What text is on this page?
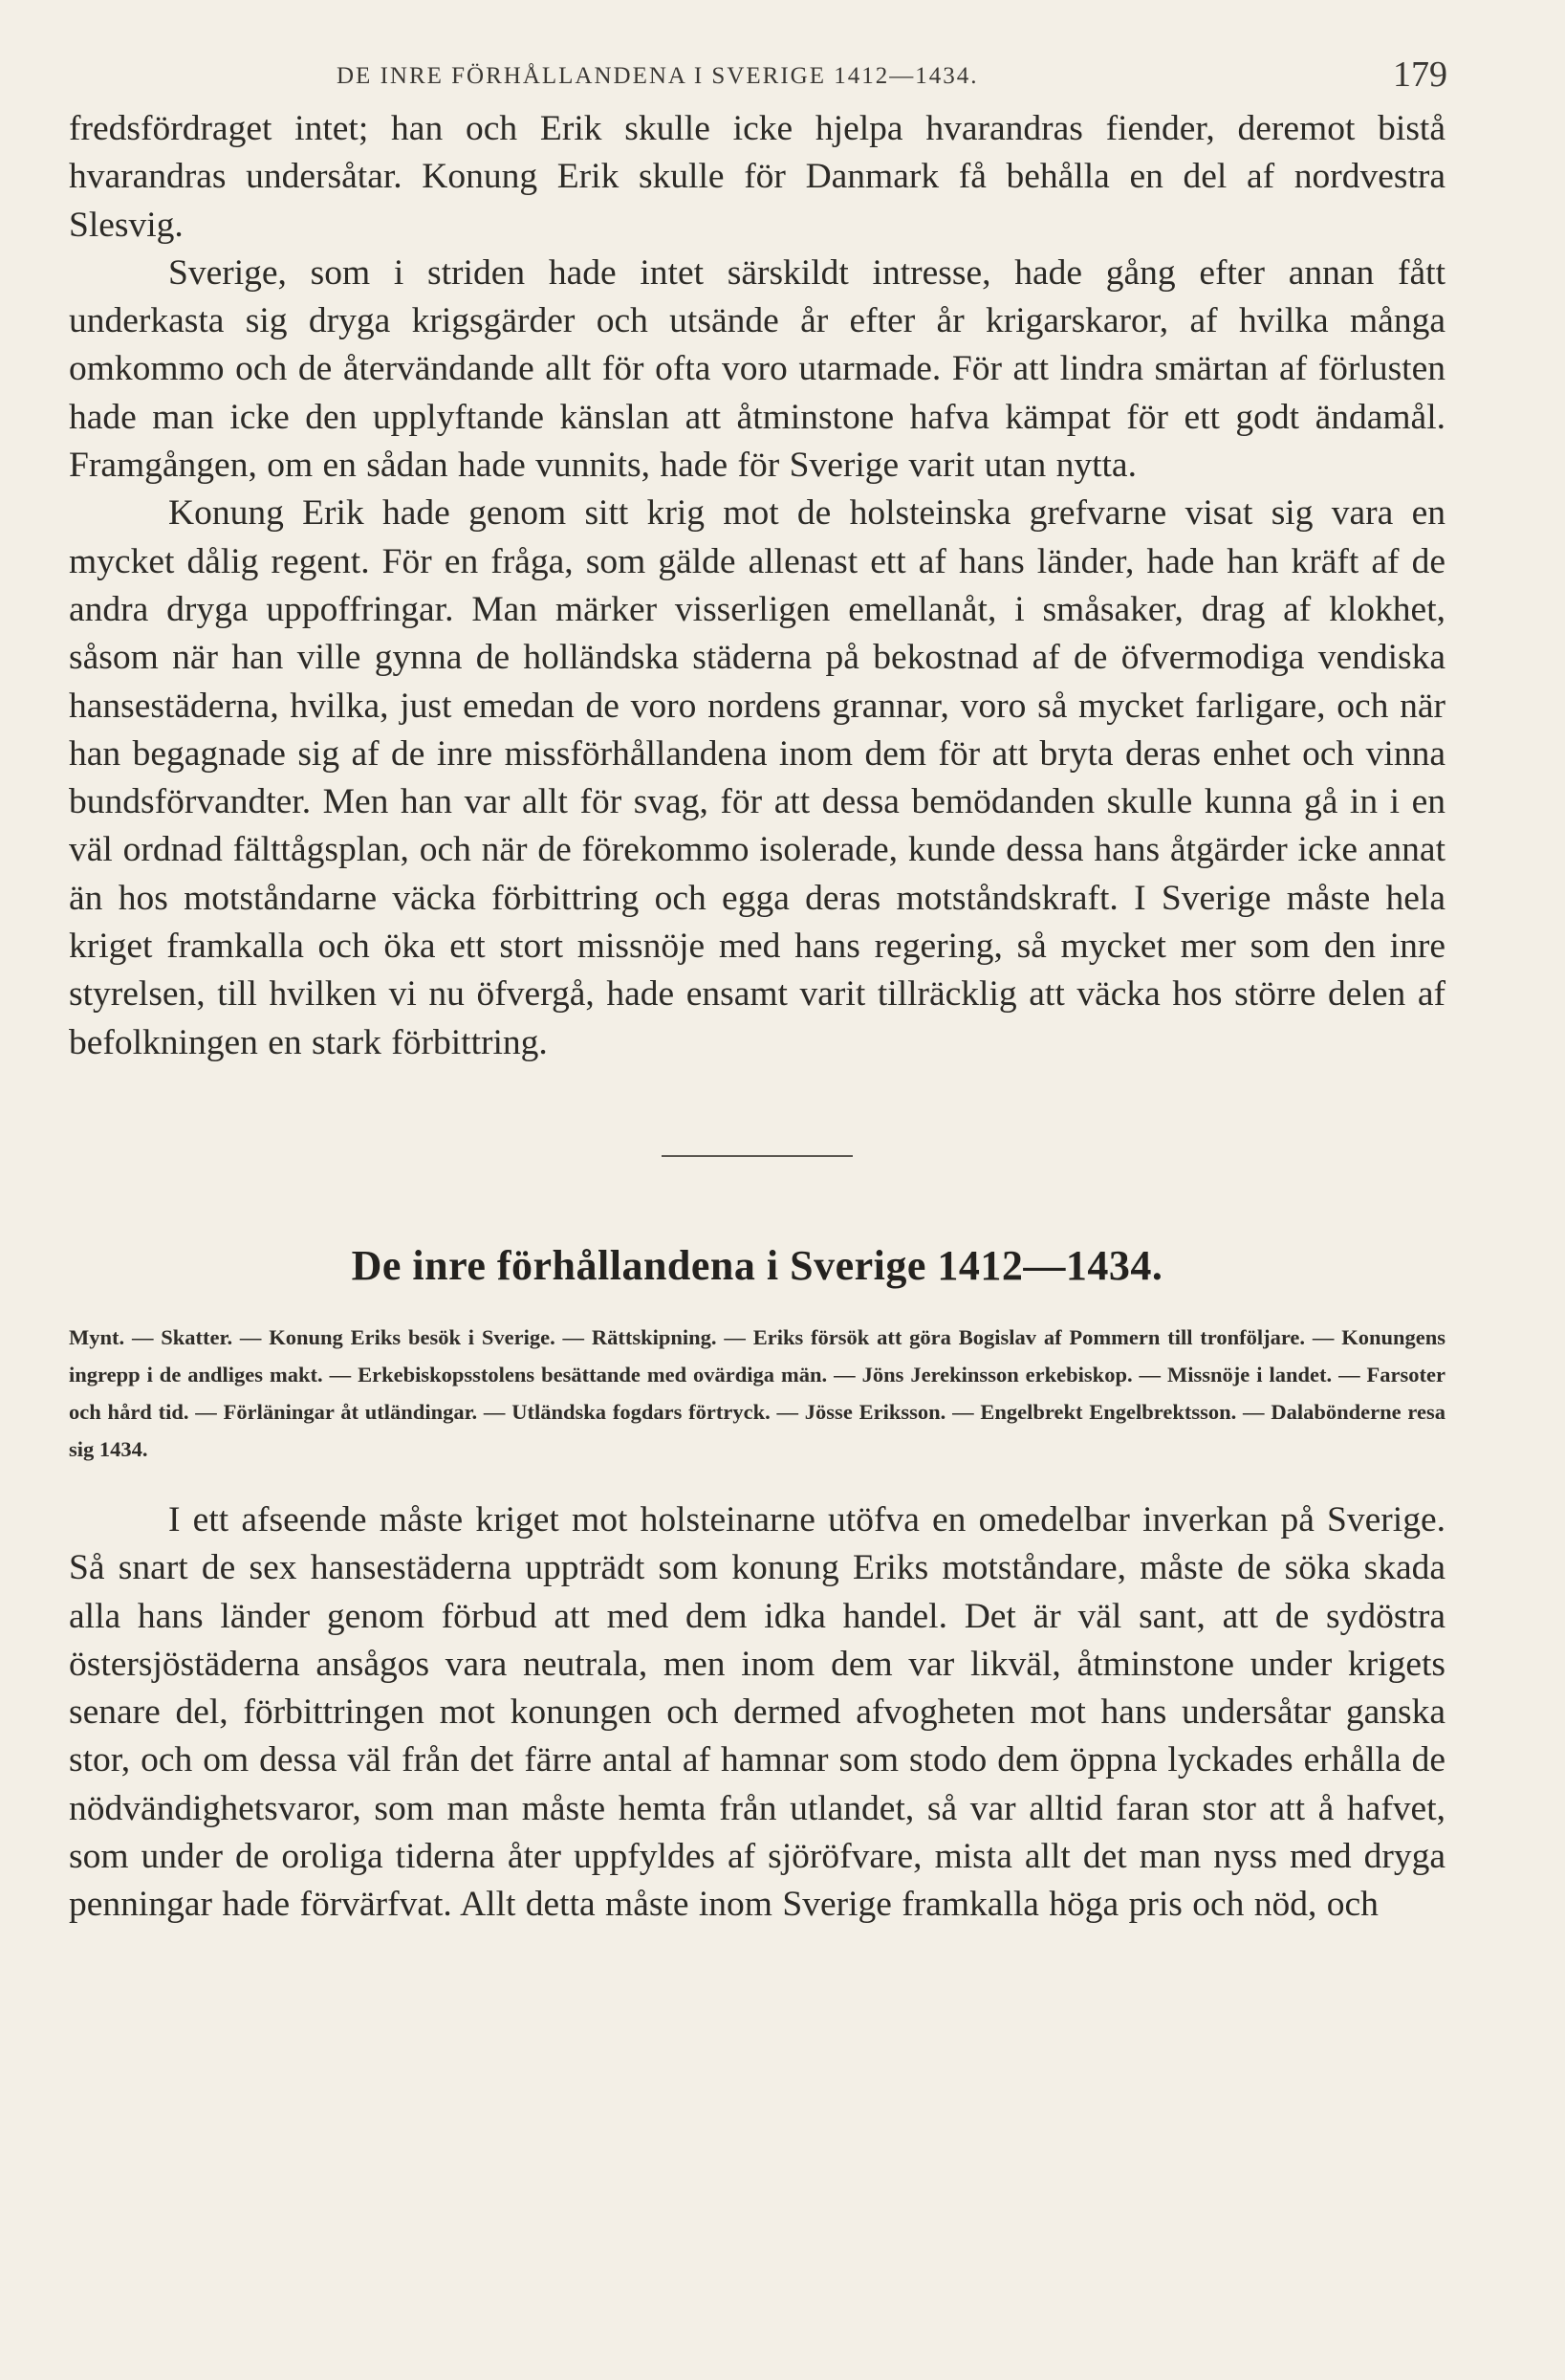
DE INRE FÖRHÅLLANDENA I SVERIGE 1412—1434.	179

fredsfördraget intet; han och Erik skulle icke hjelpa hvarandras fiender, deremot bistå hvarandras undersåtar. Konung Erik skulle för Danmark få behålla en del af nordvestra Slesvig.

Sverige, som i striden hade intet särskildt intresse, hade gång efter annan fått underkasta sig dryga krigsgärder och utsände år efter år krigarskaror, af hvilka många omkommo och de återvändande allt för ofta voro utarmade. För att lindra smärtan af förlusten hade man icke den upplyftande känslan att åtminstone hafva kämpat för ett godt ändamål. Framgången, om en sådan hade vunnits, hade för Sverige varit utan nytta.

Konung Erik hade genom sitt krig mot de holsteinska grefvarne visat sig vara en mycket dålig regent. För en fråga, som gälde allenast ett af hans länder, hade han kräft af de andra dryga uppoffringar. Man märker visserligen emellanåt, i småsaker, drag af klokhet, såsom när han ville gynna de holländska städerna på bekostnad af de öfvermodiga vendiska hansestäderna, hvilka, just emedan de voro nordens grannar, voro så mycket farligare, och när han begagnade sig af de inre missförhållandena inom dem för att bryta deras enhet och vinna bundsförvandter. Men han var allt för svag, för att dessa bemödanden skulle kunna gå in i en väl ordnad fälttågsplan, och när de förekommo isolerade, kunde dessa hans åtgärder icke annat än hos motståndarne väcka förbittring och egga deras motståndskraft. I Sverige måste hela kriget framkalla och öka ett stort missnöje med hans regering, så mycket mer som den inre styrelsen, till hvilken vi nu öfvergå, hade ensamt varit tillräcklig att väcka hos större delen af befolkningen en stark förbittring.

De inre förhållandena i Sverige 1412—1434.
Mynt. — Skatter. — Konung Eriks besök i Sverige. — Rättskipning. — Eriks försök att göra Bogislav af Pommern till tronföljare. — Konungens ingrepp i de andliges makt. — Erkebiskopsstolens besättande med ovärdiga män. — Jöns Jerekinsson erkebiskop. — Missnöje i landet. — Farsoter och hård tid. — Förläningar åt utländingar. — Utländska fogdars förtryck. — Jösse Eriksson. — Engelbrekt Engelbrektsson. — Dalabönderne resa sig 1434.

I ett afseende måste kriget mot holsteinarne utöfva en omedelbar inverkan på Sverige. Så snart de sex hansestäderna uppträdt som konung Eriks motståndare, måste de söka skada alla hans länder genom förbud att med dem idka handel. Det är väl sant, att de sydöstra östersjöstäderna ansågos vara neutrala, men inom dem var likväl, åtminstone under krigets senare del, förbittringen mot konungen och dermed afvogheten mot hans undersåtar ganska stor, och om dessa väl från det färre antal af hamnar som stodo dem öppna lyckades erhålla de nödvändighetsvaror, som man måste hemta från utlandet, så var alltid faran stor att å hafvet, som under de oroliga tiderna åter uppfyldes af sjöröfvare, mista allt det man nyss med dryga penningar hade förvärfvat. Allt detta måste inom Sverige framkalla höga pris och nöd, och
